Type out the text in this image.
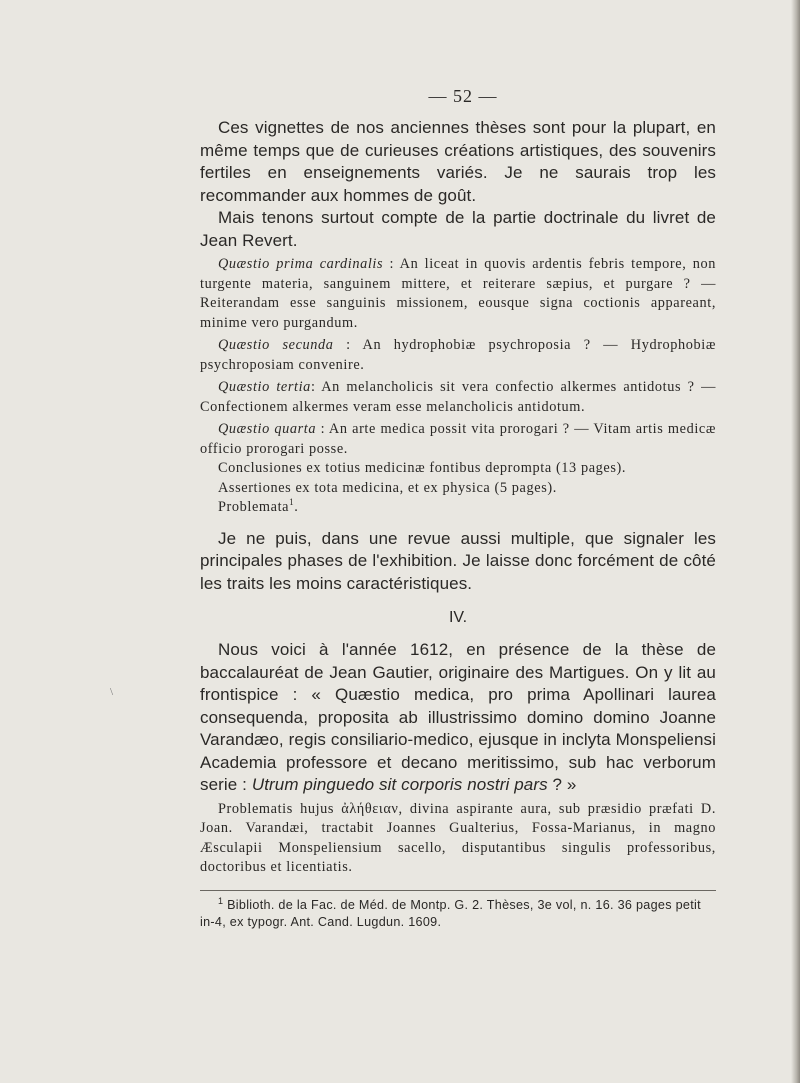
\
— 52 —

Ces vignettes de nos anciennes thèses sont pour la plupart, en même temps que de curieuses créations artistiques, des souvenirs fertiles en enseignements variés. Je ne saurais trop les recommander aux hommes de goût.

Mais tenons surtout compte de la partie doctrinale du livret de Jean Revert.

Quæstio prima cardinalis : An liceat in quovis ardentis febris tempore, non turgente materia, sanguinem mittere, et reiterare sæpius, et purgare ? — Reiterandam esse sanguinis missionem, eousque signa coctionis appareant, minime vero purgandum.

Quæstio secunda : An hydrophobiæ psychroposia ? — Hydrophobiæ psychroposiam convenire.

Quæstio tertia: An melancholicis sit vera confectio alkermes antidotus ? — Confectionem alkermes veram esse melancholicis antidotum.

Quæstio quarta : An arte medica possit vita prorogari ? — Vitam artis medicæ officio prorogari posse.

Conclusiones ex totius medicinæ fontibus deprompta (13 pages).

Assertiones ex tota medicina, et ex physica (5 pages).

Problemata$^1$.

Je ne puis, dans une revue aussi multiple, que signaler les principales phases de l'exhibition. Je laisse donc forcément de côté les traits les moins caractéristiques.

IV.

Nous voici à l'année 1612, en présence de la thèse de baccalauréat de Jean Gautier, originaire des Martigues. On y lit au frontispice : « Quæstio medica, pro prima Apollinari laurea consequenda, proposita ab illustrissimo domino domino Joanne Varandæo, regis consiliario-medico, ejusque in inclyta Monspeliensi Academia professore et decano meritissimo, sub hac verborum serie : Utrum pinguedo sit corporis nostri pars ? »

Problematis hujus ἀλήθειαν, divina aspirante aura, sub præsidio præfati D. Joan. Varandæi, tractabit Joannes Gualterius, Fossa-Marianus, in magno Æsculapii Monspeliensium sacello, disputantibus singulis professoribus, doctoribus et licentiatis.

$^1$ Biblioth. de la Fac. de Méd. de Montp. G. 2. Thèses, 3e vol, n. 16. 36 pages petit in-4, ex typogr. Ant. Cand. Lugdun. 1609.
